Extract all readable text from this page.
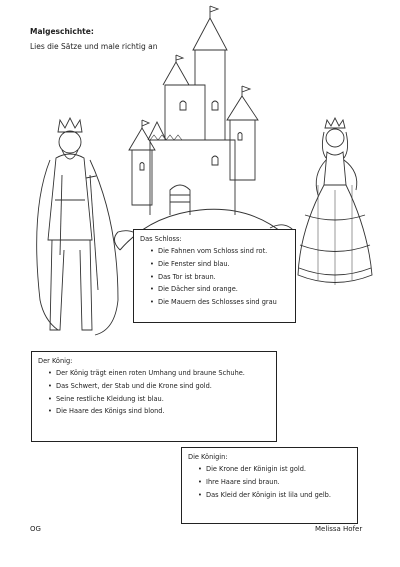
Malgeschichte:
Lies die Sätze und male richtig an
Das Schloss:
• Die Fahnen vom Schloss sind rot.
• Die Fenster sind blau.
• Das Tor ist braun.
• Die Dächer sind orange.
• Die Mauern des Schlosses sind grau
Der König:
• Der König trägt einen roten Umhang und braune Schuhe.
• Das Schwert, der Stab und die Krone sind gold.
• Seine restliche Kleidung ist blau.
• Die Haare des Königs sind blond.
Die Königin:
• Die Krone der Königin ist gold.
• Ihre Haare sind braun.
• Das Kleid der Königin ist lila und gelb.
OG	Melissa Hofer
